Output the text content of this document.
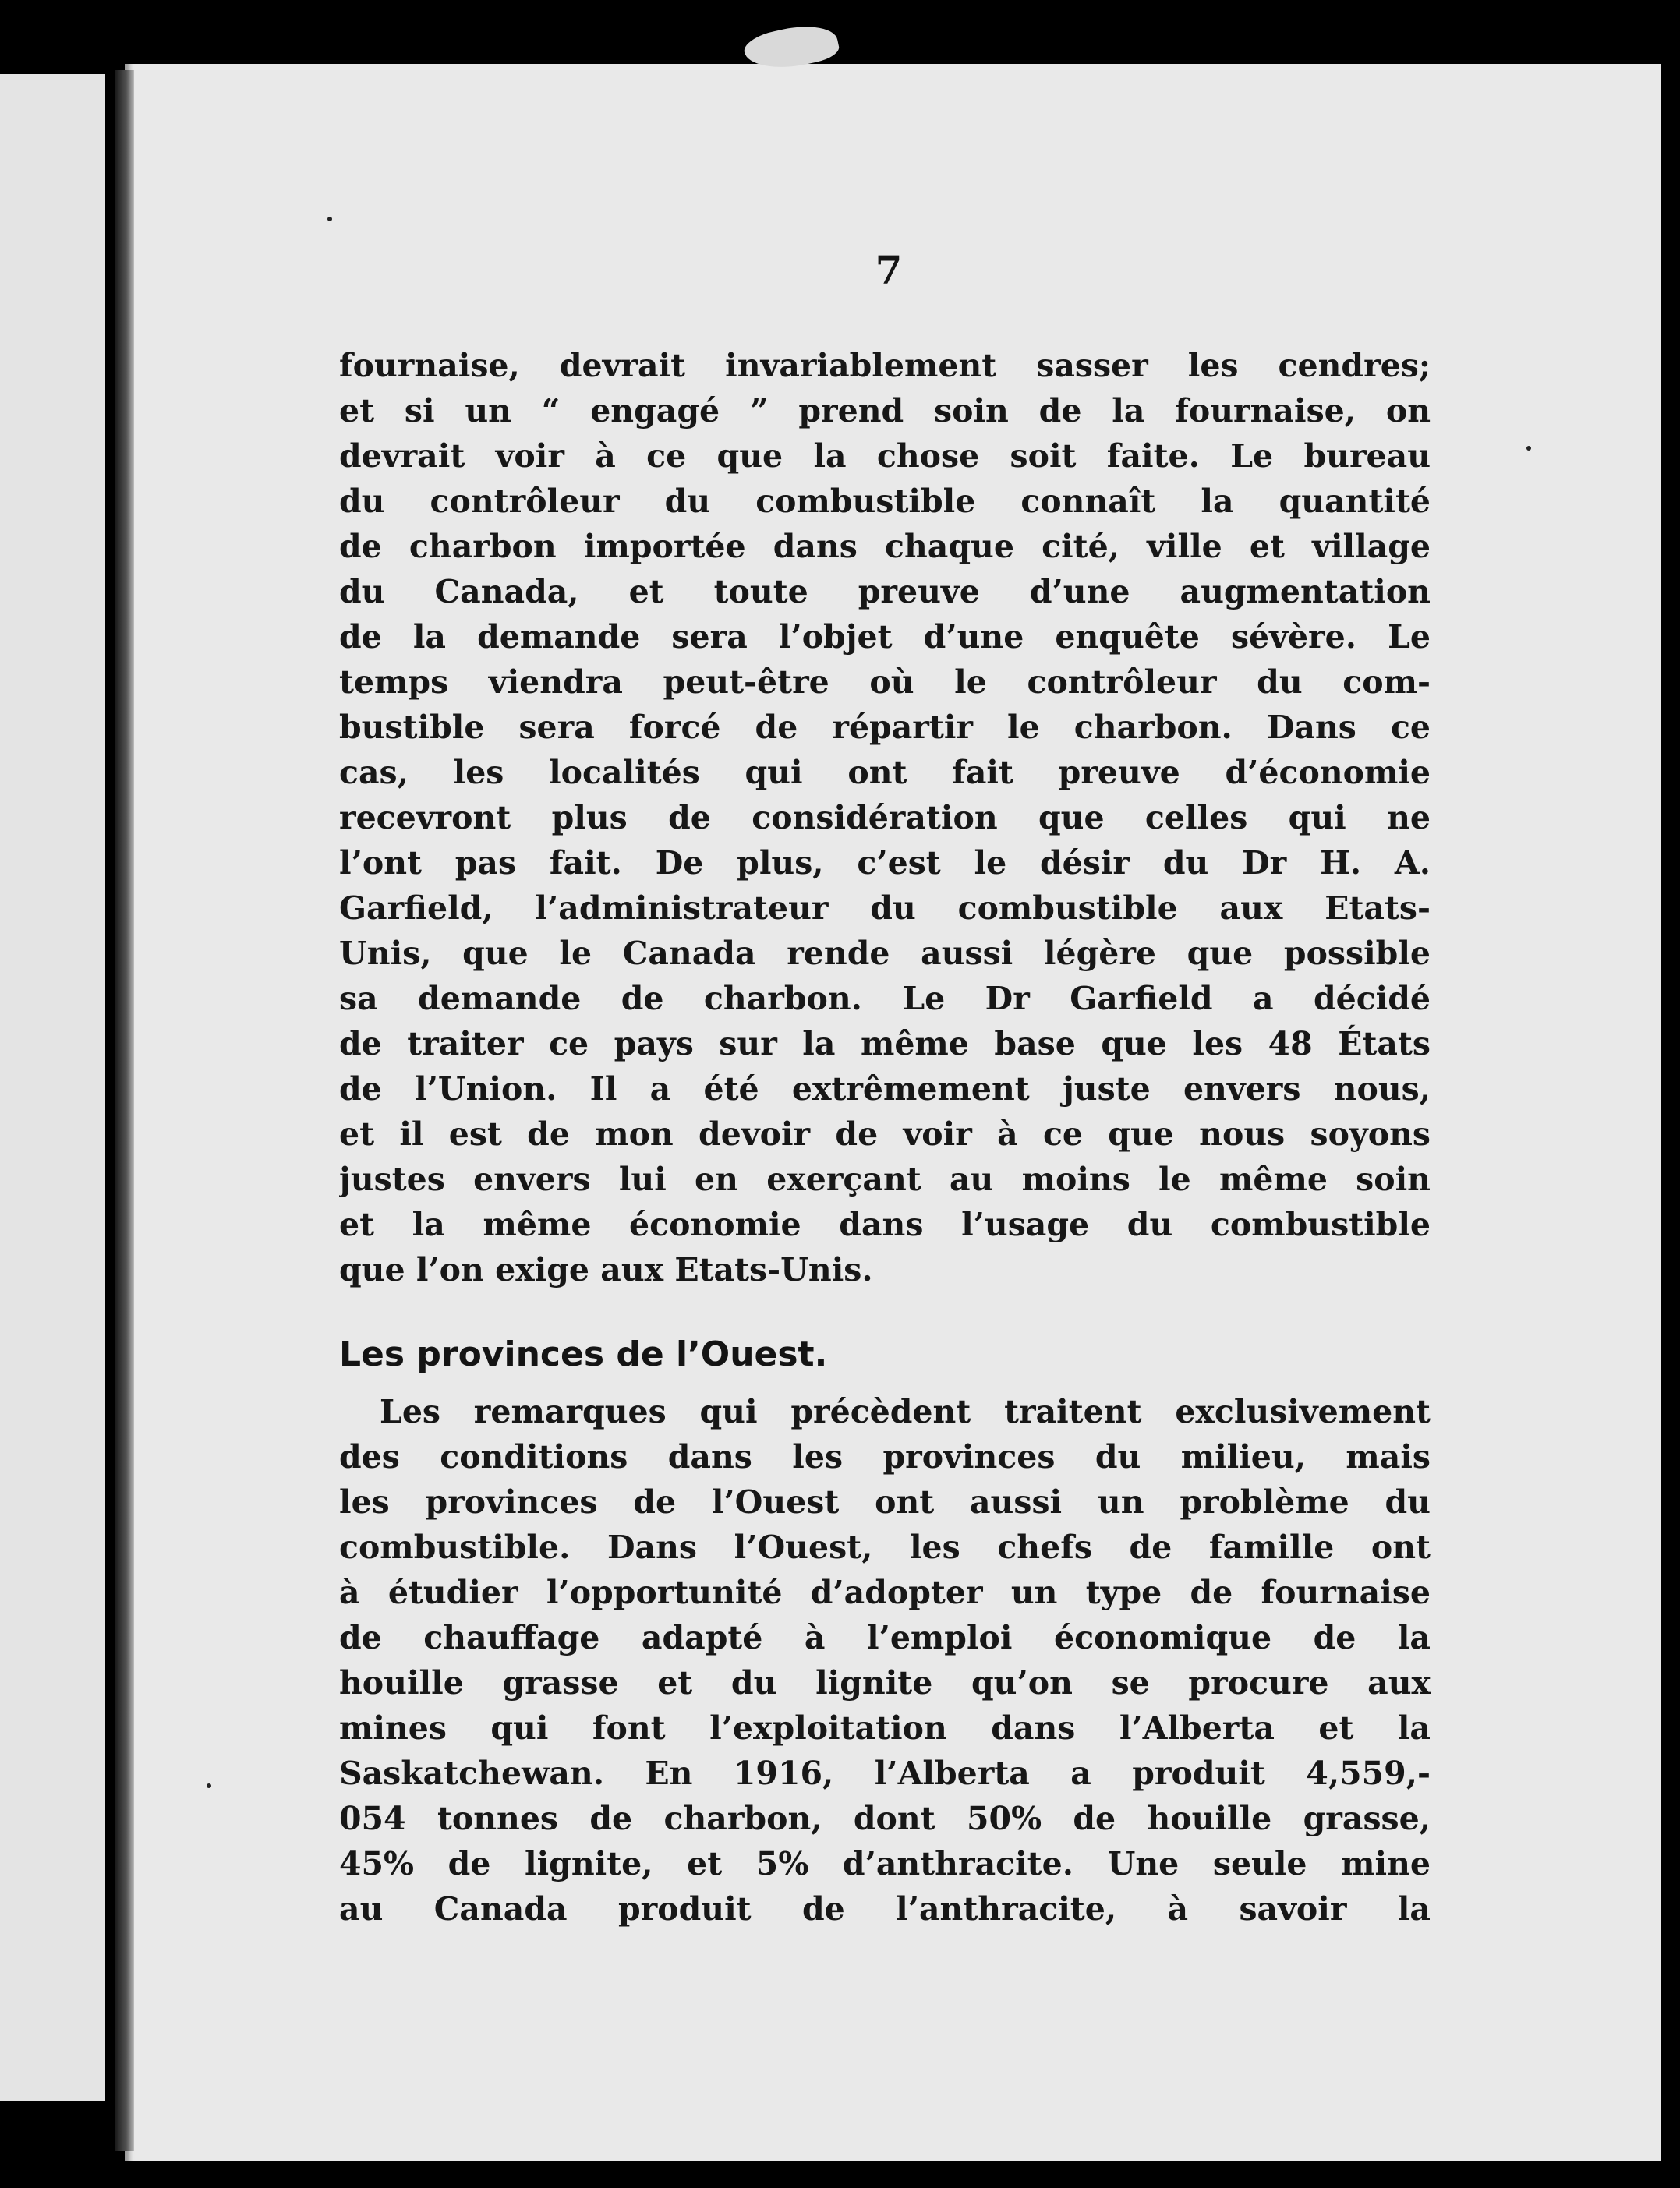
7
fournaise, devrait invariablement sasser les cendres;
et si un “ engagé ” prend soin de la fournaise, on
devrait voir à ce que la chose soit faite. Le bureau
du contrôleur du combustible connaît la quantité
de charbon importée dans chaque cité, ville et village
du Canada, et toute preuve d’une augmentation
de la demande sera l’objet d’une enquête sévère. Le
temps viendra peut-être où le contrôleur du com-
bustible sera forcé de répartir le charbon. Dans ce
cas, les localités qui ont fait preuve d’économie
recevront plus de considération que celles qui ne
l’ont pas fait. De plus, c’est le désir du Dr H. A.
Garfield, l’administrateur du combustible aux Etats-
Unis, que le Canada rende aussi légère que possible
sa demande de charbon. Le Dr Garfield a décidé
de traiter ce pays sur la même base que les 48 États
de l’Union. Il a été extrêmement juste envers nous,
et il est de mon devoir de voir à ce que nous soyons
justes envers lui en exerçant au moins le même soin
et la même économie dans l’usage du combustible
que l’on exige aux Etats-Unis.
Les provinces de l’Ouest.
Les remarques qui précèdent traitent exclusivement
des conditions dans les provinces du milieu, mais
les provinces de l’Ouest ont aussi un problème du
combustible. Dans l’Ouest, les chefs de famille ont
à étudier l’opportunité d’adopter un type de fournaise
de chauffage adapté à l’emploi économique de la
houille grasse et du lignite qu’on se procure aux
mines qui font l’exploitation dans l’Alberta et la
Saskatchewan. En 1916, l’Alberta a produit 4,559,-
054 tonnes de charbon, dont 50% de houille grasse,
45% de lignite, et 5% d’anthracite. Une seule mine
au Canada produit de l’anthracite, à savoir la
